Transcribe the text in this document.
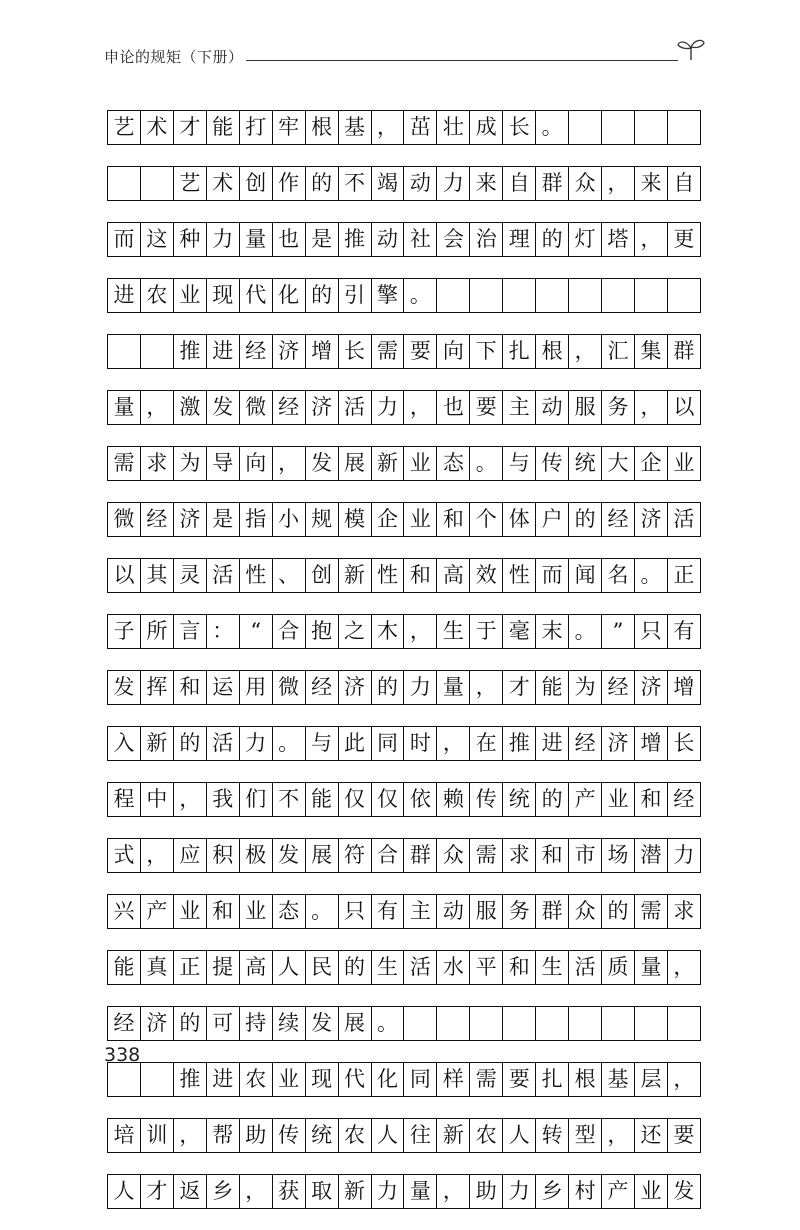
申论的规矩（下册）
艺 术 才 能 打 牢 根 基 ， 茁 壮 成 长 。
艺 术 创 作 的 不 竭 动 力 来 自 群 众 ， 来 自
而 这 种 力 量 也 是 推 动 社 会 治 理 的 灯 塔 ， 更
进 农 业 现 代 化 的 引 擎 。
推 进 经 济 增 长 需 要 向 下 扎 根 ， 汇 集 群
量 ， 激 发 微 经 济 活 力 ， 也 要 主 动 服 务 ， 以
需 求 为 导 向 ， 发 展 新 业 态 。 与 传 统 大 企 业
微 经 济 是 指 小 规 模 企 业 和 个 体 户 的 经 济 活
以 其 灵 活 性 、 创 新 性 和 高 效 性 而 闻 名 。 正
子 所 言 ： “ 合 抱 之 木 ， 生 于 毫 末 。 ” 只 有
发 挥 和 运 用 微 经 济 的 力 量 ， 才 能 为 经 济 增
入 新 的 活 力 。 与 此 同 时 ， 在 推 进 经 济 增 长
程 中 ， 我 们 不 能 仅 仅 依 赖 传 统 的 产 业 和 经
式 ， 应 积 极 发 展 符 合 群 众 需 求 和 市 场 潜 力
兴 产 业 和 业 态 。 只 有 主 动 服 务 群 众 的 需 求
能 真 正 提 高 人 民 的 生 活 水 平 和 生 活 质 量 ，
经 济 的 可 持 续 发 展 。
推 进 农 业 现 代 化 同 样 需 要 扎 根 基 层 ，
培 训 ， 帮 助 传 统 农 人 往 新 农 人 转 型 ， 还 要
人 才 返 乡 ， 获 取 新 力 量 ， 助 力 乡 村 产 业 发
338
